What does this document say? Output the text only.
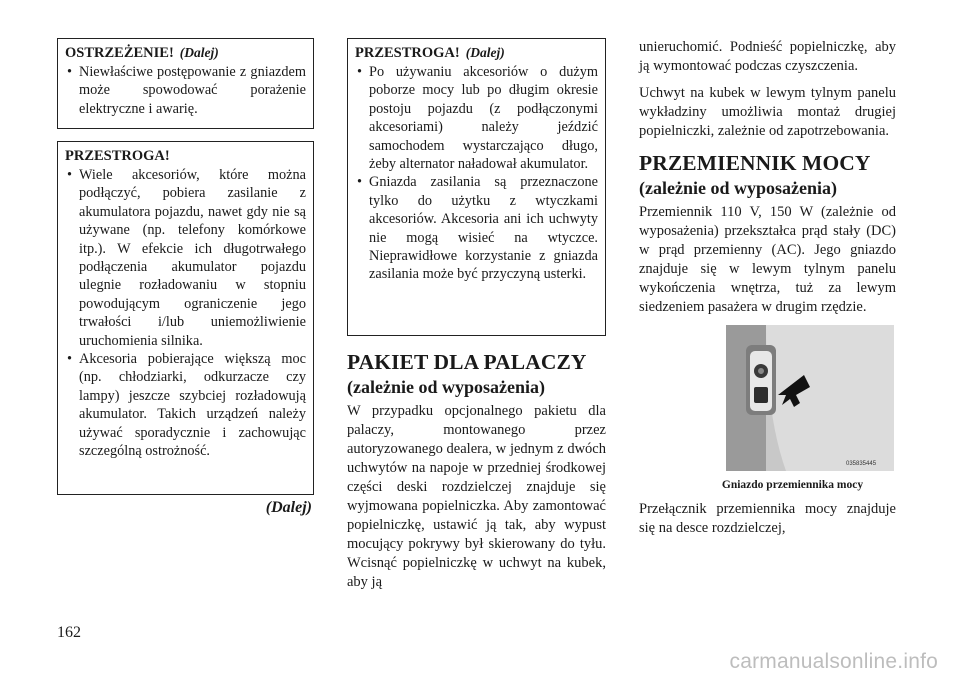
OSTRZEŻENIE! (Dalej)
• Niewłaściwe postępowanie z gniazdem może spowodować porażenie elektryczne i awarię.
PRZESTROGA!
• Wiele akcesoriów, które można podłączyć, pobiera zasilanie z akumulatora pojazdu, nawet gdy nie są używane (np. telefony komórkowe itp.). W efekcie ich długotrwałego podłączenia akumulator pojazdu ulegnie rozładowaniu w stopniu powodującym ograniczenie jego trwałości i/lub uniemożliwienie uruchomienia silnika.
• Akcesoria pobierające większą moc (np. chłodziarki, odkurzacze czy lampy) jeszcze szybciej rozładowują akumulator. Takich urządzeń należy używać sporadycznie i zachowując szczególną ostrożność.
(Dalej)
PRZESTROGA! (Dalej)
• Po używaniu akcesoriów o dużym poborze mocy lub po długim okresie postoju pojazdu (z podłączonymi akcesoriami) należy jeździć samochodem wystarczająco długo, żeby alternator naładował akumulator.
• Gniazda zasilania są przeznaczone tylko do użytku z wtyczkami akcesoriów. Akcesoria ani ich uchwyty nie mogą wisieć na wtyczce. Nieprawidłowe korzystanie z gniazda zasilania może być przyczyną usterki.
PAKIET DLA PALACZY
(zależnie od wyposażenia)

W przypadku opcjonalnego pakietu dla palaczy, montowanego przez autoryzowanego dealera, w jednym z dwóch uchwytów na napoje w przedniej środkowej części deski rozdzielczej znajduje się wyjmowana popielniczka. Aby zamontować popielniczkę, ustawić ją tak, aby wypust mocujący pokrywy był skierowany do tyłu. Wcisnąć popielniczkę w uchwyt na kubek, aby ją

unieruchomić. Podnieść popielniczkę, aby ją wymontować podczas czyszczenia.

Uchwyt na kubek w lewym tylnym panelu wykładziny umożliwia montaż drugiej popielniczki, zależnie od zapotrzebowania.

PRZEMIENNIK MOCY
(zależnie od wyposażenia)

Przemiennik 110 V, 150 W (zależnie od wyposażenia) przekształca prąd stały (DC) w prąd przemienny (AC). Jego gniazdo znajduje się w lewym tylnym panelu wykończenia wnętrza, tuż za lewym siedzeniem pasażera w drugim rzędzie.

035835445
Gniazdo przemiennika mocy

Przełącznik przemiennika mocy znajduje się na desce rozdzielczej,

162
carmanualsonline.info
